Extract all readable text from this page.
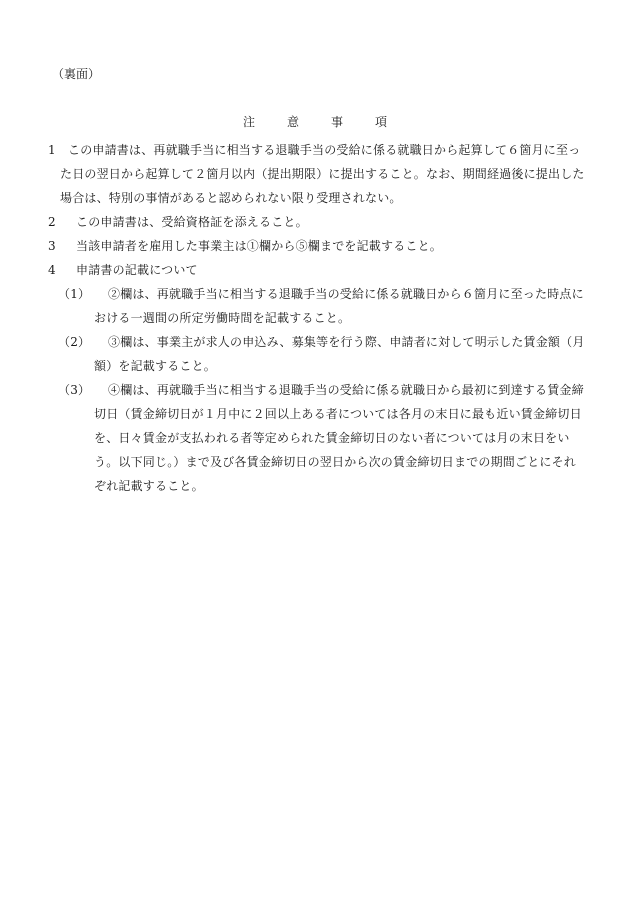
（裏面）
注	意	事	項
1	この申請書は、再就職手当に相当する退職手当の受給に係る就職日から起算して６箇月に至った日の翌日から起算して２箇月以内（提出期限）に提出すること。なお、期間経過後に提出した場合は、特別の事情があると認められない限り受理されない。
2	この申請書は、受給資格証を添えること。
3	当該申請者を雇用した事業主は①欄から⑤欄までを記載すること。
4	申請書の記載について
（1）	②欄は、再就職手当に相当する退職手当の受給に係る就職日から６箇月に至った時点における一週間の所定労働時間を記載すること。
（2）	③欄は、事業主が求人の申込み、募集等を行う際、申請者に対して明示した賃金額（月額）を記載すること。
（3）	④欄は、再就職手当に相当する退職手当の受給に係る就職日から最初に到達する賃金締切日（賃金締切日が１月中に２回以上ある者については各月の末日に最も近い賃金締切日を、日々賃金が支払われる者等定められた賃金締切日のない者については月の末日をいう。以下同じ。）まで及び各賃金締切日の翌日から次の賃金締切日までの期間ごとにそれぞれ記載すること。
